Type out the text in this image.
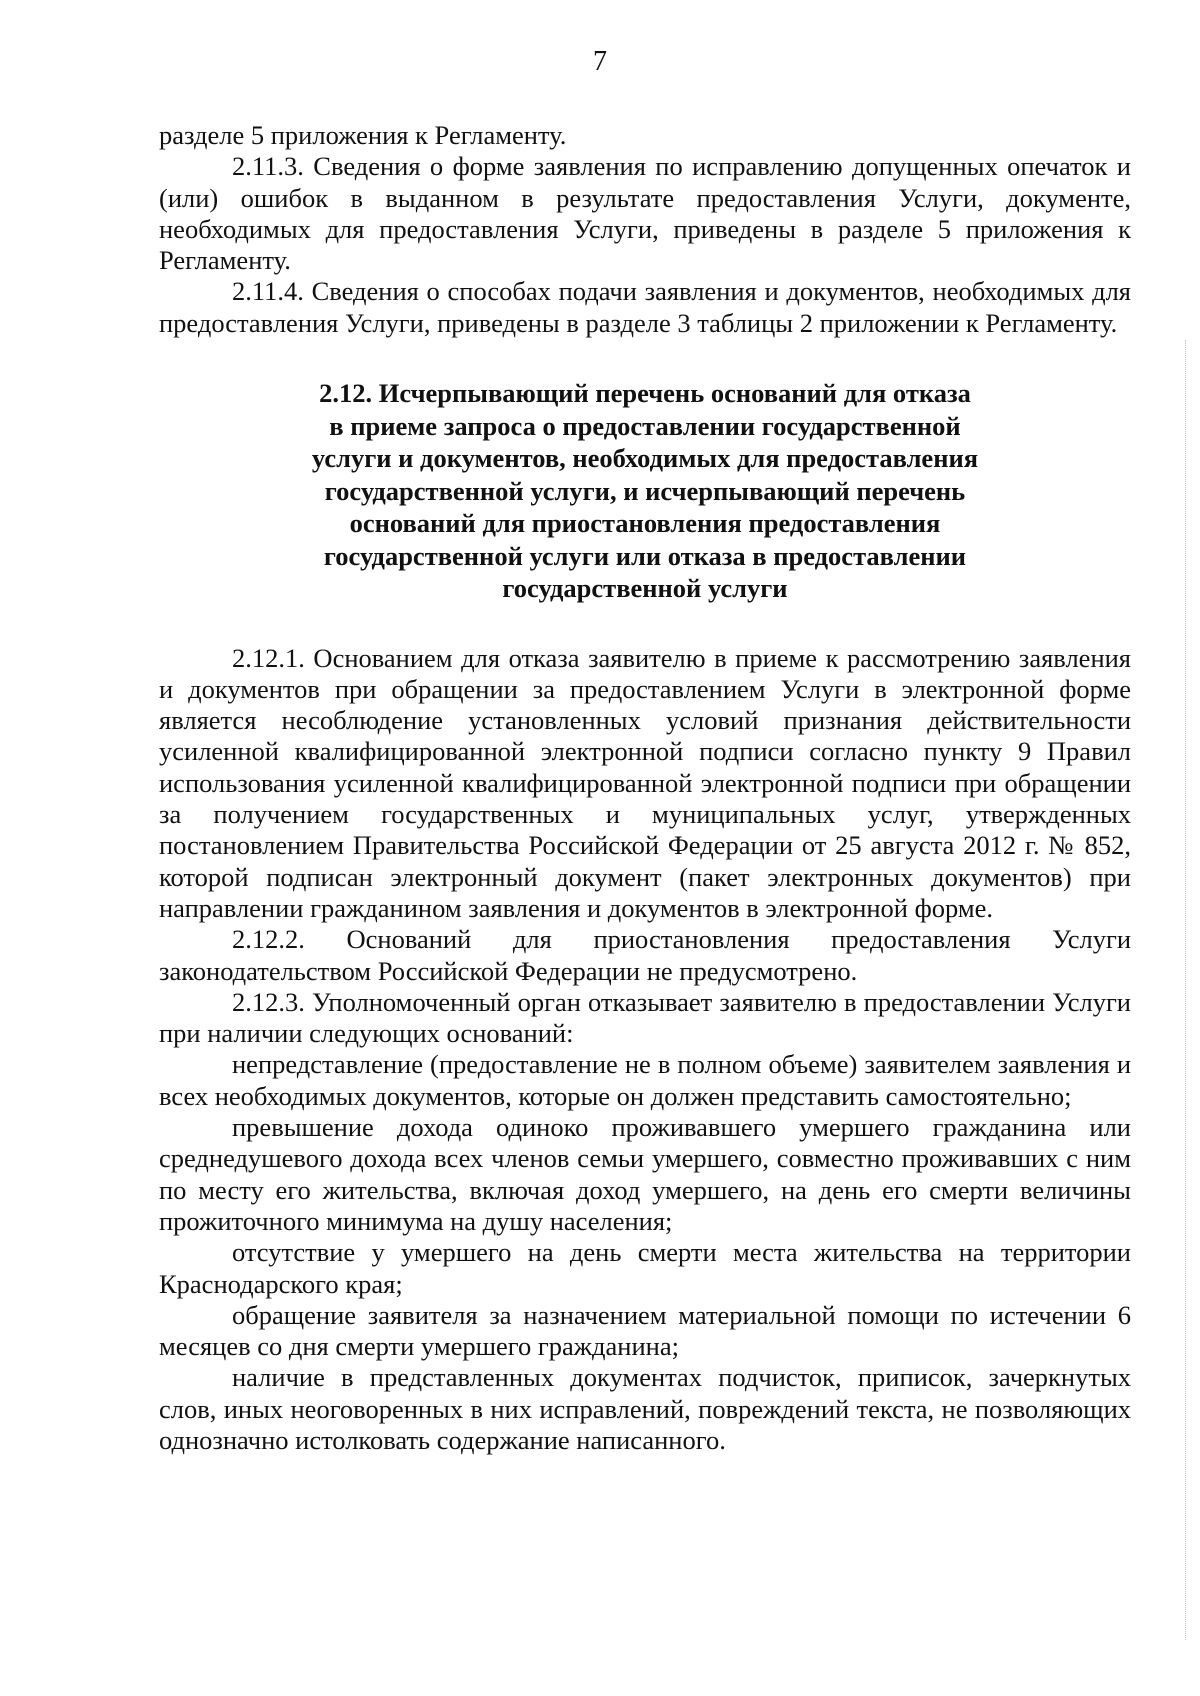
7

разделе 5 приложения к Регламенту.

2.11.3. Сведения о форме заявления по исправлению допущенных опечаток и (или) ошибок в выданном в результате предоставления Услуги, документе, необходимых для предоставления Услуги, приведены в разделе 5 приложения к Регламенту.

2.11.4. Сведения о способах подачи заявления и документов, необходимых для предоставления Услуги, приведены в разделе 3 таблицы 2 приложении к Регламенту.

2.12. Исчерпывающий перечень оснований для отказа
в приеме запроса о предоставлении государственной
услуги и документов, необходимых для предоставления
государственной услуги, и исчерпывающий перечень
оснований для приостановления предоставления
государственной услуги или отказа в предоставлении
государственной услуги

2.12.1. Основанием для отказа заявителю в приеме к рассмотрению заявления и документов при обращении за предоставлением Услуги в электронной форме является несоблюдение установленных условий признания действительности усиленной квалифицированной электронной подписи согласно пункту 9 Правил использования усиленной квалифицированной электронной подписи при обращении за получением государственных и муниципальных услуг, утвержденных постановлением Правительства Российской Федерации от 25 августа 2012 г. № 852, которой подписан электронный документ (пакет электронных документов) при направлении гражданином заявления и документов в электронной форме.

2.12.2. Оснований для приостановления предоставления Услуги законодательством Российской Федерации не предусмотрено.

2.12.3. Уполномоченный орган отказывает заявителю в предоставлении Услуги при наличии следующих оснований:

непредставление (предоставление не в полном объеме) заявителем заявления и всех необходимых документов, которые он должен представить самостоятельно;

превышение дохода одиноко проживавшего умершего гражданина или среднедушевого дохода всех членов семьи умершего, совместно проживавших с ним по месту его жительства, включая доход умершего, на день его смерти величины прожиточного минимума на душу населения;

отсутствие у умершего на день смерти места жительства на территории Краснодарского края;

обращение заявителя за назначением материальной помощи по истечении 6 месяцев со дня смерти умершего гражданина;

наличие в представленных документах подчисток, приписок, зачеркнутых слов, иных неоговоренных в них исправлений, повреждений текста, не позволяющих однозначно истолковать содержание написанного.
